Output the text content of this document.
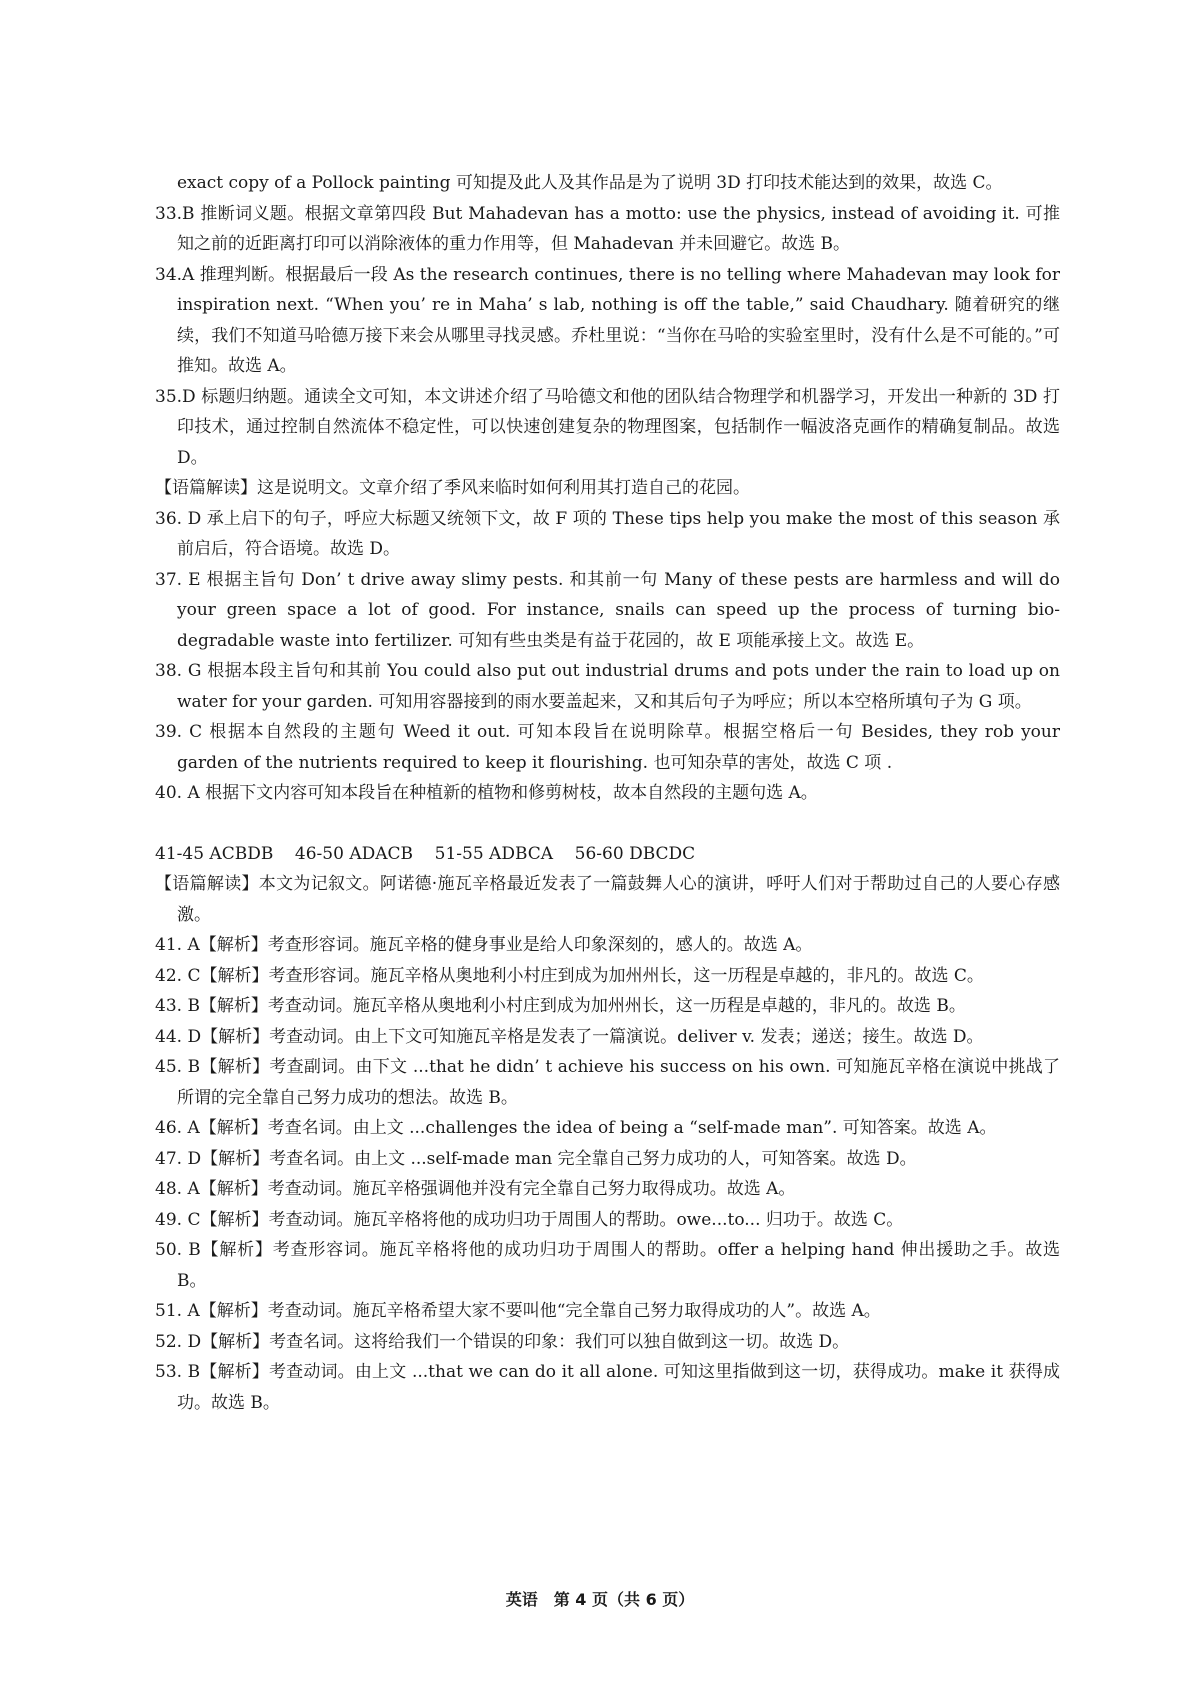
exact copy of a Pollock painting 可知提及此人及其作品是为了说明 3D 打印技术能达到的效果，故选 C。

33.B 推断词义题。根据文章第四段 But Mahadevan has a motto: use the physics, instead of avoiding it. 可推知之前的近距离打印可以消除液体的重力作用等，但 Mahadevan 并未回避它。故选 B。

34.A 推理判断。根据最后一段 As the research continues, there is no telling where Mahadevan may look for inspiration next. “When you’ re in Maha’ s lab, nothing is off the table,” said Chaudhary. 随着研究的继续，我们不知道马哈德万接下来会从哪里寻找灵感。乔杜里说：“当你在马哈的实验室里时，没有什么是不可能的。”可推知。故选 A。

35.D 标题归纳题。通读全文可知，本文讲述介绍了马哈德文和他的团队结合物理学和机器学习，开发出一种新的 3D 打印技术，通过控制自然流体不稳定性，可以快速创建复杂的物理图案，包括制作一幅波洛克画作的精确复制品。故选 D。

【语篇解读】这是说明文。文章介绍了季风来临时如何利用其打造自己的花园。

36. D 承上启下的句子，呼应大标题又统领下文，故 F 项的 These tips help you make the most of this season 承前启后，符合语境。故选 D。

37. E 根据主旨句 Don’ t drive away slimy pests. 和其前一句 Many of these pests are harmless and will do your green space a lot of good. For instance, snails can speed up the process of turning bio-degradable waste into fertilizer. 可知有些虫类是有益于花园的，故 E 项能承接上文。故选 E。

38. G 根据本段主旨句和其前 You could also put out industrial drums and pots under the rain to load up on water for your garden. 可知用容器接到的雨水要盖起来，又和其后句子为呼应；所以本空格所填句子为 G 项。

39. C 根据本自然段的主题句 Weed it out. 可知本段旨在说明除草。根据空格后一句 Besides, they rob your garden of the nutrients required to keep it flourishing. 也可知杂草的害处，故选 C 项 .

40. A 根据下文内容可知本段旨在种植新的植物和修剪树枝，故本自然段的主题句选 A。

41-45 ACBDB    46-50 ADACB    51-55 ADBCA    56-60 DBCDC

【语篇解读】本文为记叙文。阿诺德·施瓦辛格最近发表了一篇鼓舞人心的演讲，呼吁人们对于帮助过自己的人要心存感激。

41. A【解析】考查形容词。施瓦辛格的健身事业是给人印象深刻的，感人的。故选 A。

42. C【解析】考查形容词。施瓦辛格从奥地利小村庄到成为加州州长，这一历程是卓越的，非凡的。故选 C。

43. B【解析】考查动词。施瓦辛格从奥地利小村庄到成为加州州长，这一历程是卓越的，非凡的。故选 B。

44. D【解析】考查动词。由上下文可知施瓦辛格是发表了一篇演说。deliver v. 发表；递送；接生。故选 D。

45. B【解析】考查副词。由下文 ...that he didn’ t achieve his success on his own. 可知施瓦辛格在演说中挑战了所谓的完全靠自己努力成功的想法。故选 B。

46. A【解析】考查名词。由上文 ...challenges the idea of being a “self-made man”. 可知答案。故选 A。

47. D【解析】考查名词。由上文 ...self-made man 完全靠自己努力成功的人，可知答案。故选 D。

48. A【解析】考查动词。施瓦辛格强调他并没有完全靠自己努力取得成功。故选 A。

49. C【解析】考查动词。施瓦辛格将他的成功归功于周围人的帮助。owe...to... 归功于。故选 C。

50. B【解析】考查形容词。施瓦辛格将他的成功归功于周围人的帮助。offer a helping hand 伸出援助之手。故选 B。

51. A【解析】考查动词。施瓦辛格希望大家不要叫他“完全靠自己努力取得成功的人”。故选 A。

52. D【解析】考查名词。这将给我们一个错误的印象：我们可以独自做到这一切。故选 D。

53. B【解析】考查动词。由上文 ...that we can do it all alone. 可知这里指做到这一切，获得成功。make it 获得成功。故选 B。

英语　第 4 页（共 6 页）
